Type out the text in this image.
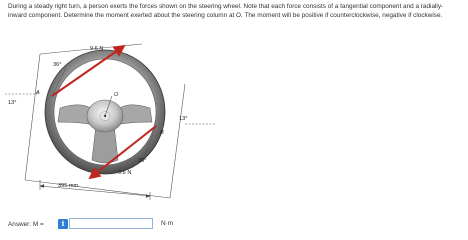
During a steady right turn, a person exerts the forces shown on the steering wheel. Note that each force consists of a tangential component and a radially-inward component. Determine the moment exerted about the steering column at O. The moment will be positive if counterclockwise, negative if clockwise.
9.6 N
36°
13°
A	O
B
13°
36°
9.6 N
395 mm
Answer: M =	i	N·m
